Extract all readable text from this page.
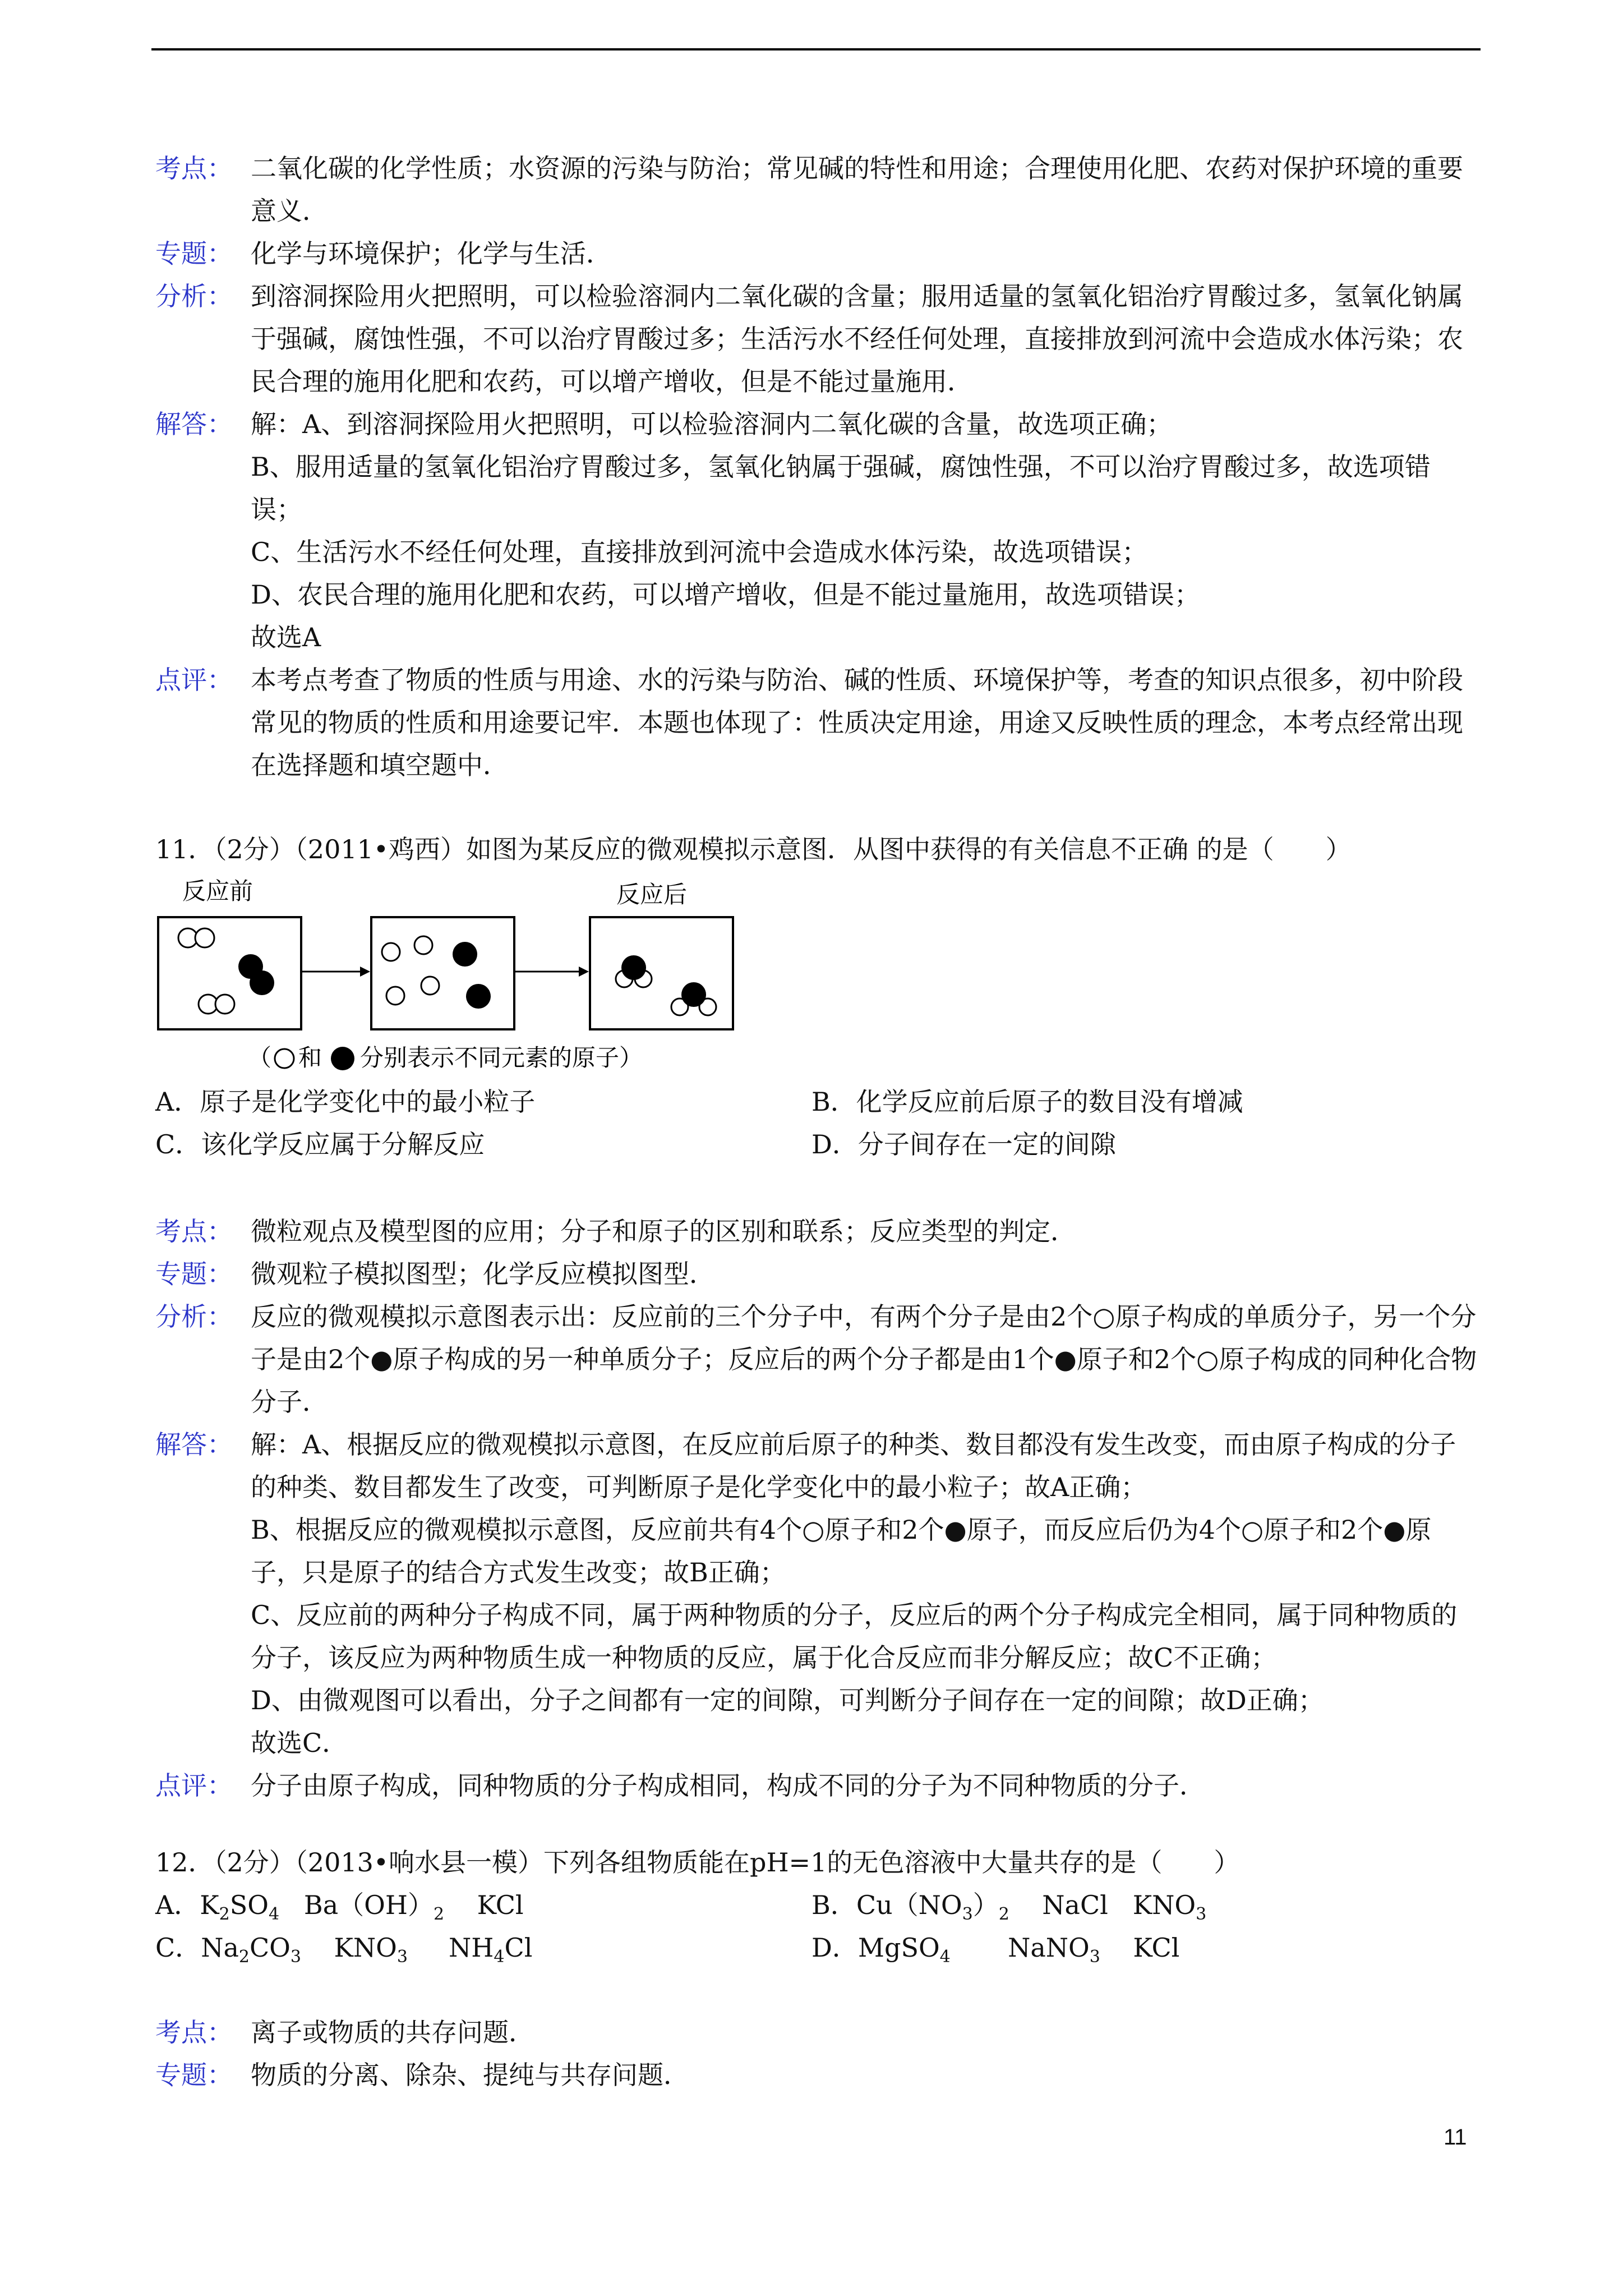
考点： 二氧化碳的化学性质；水资源的污染与防治；常见碱的特性和用途；合理使用化肥、农药对保护环境的重要意义．

专题： 化学与环境保护；化学与生活．

分析： 到溶洞探险用火把照明，可以检验溶洞内二氧化碳的含量；服用适量的氢氧化铝治疗胃酸过多，氢氧化钠属于强碱，腐蚀性强，不可以治疗胃酸过多；生活污水不经任何处理，直接排放到河流中会造成水体污染；农民合理的施用化肥和农药，可以增产增收，但是不能过量施用．

解答： 解：A、到溶洞探险用火把照明，可以检验溶洞内二氧化碳的含量，故选项正确；

B、服用适量的氢氧化铝治疗胃酸过多，氢氧化钠属于强碱，腐蚀性强，不可以治疗胃酸过多，故选项错误；

C、生活污水不经任何处理，直接排放到河流中会造成水体污染，故选项错误；

D、农民合理的施用化肥和农药，可以增产增收，但是不能过量施用，故选项错误；

故选A

点评： 本考点考查了物质的性质与用途、水的污染与防治、碱的性质、环境保护等，考查的知识点很多，初中阶段常见的物质的性质和用途要记牢．本题也体现了：性质决定用途，用途又反映性质的理念，本考点经常出现在选择题和填空题中．

11．（2分）（2011•鸡西）如图为某反应的微观模拟示意图．从图中获得的有关信息不正确 的是（　　）
反应前	反应后
（ 和 分别表示不同元素的原子）
A．原子是化学变化中的最小粒子	B．化学反应前后原子的数目没有增减
C．该化学反应属于分解反应	D．分子间存在一定的间隙
考点： 微粒观点及模型图的应用；分子和原子的区别和联系；反应类型的判定．

专题： 微观粒子模拟图型；化学反应模拟图型．

分析： 反应的微观模拟示意图表示出：反应前的三个分子中，有两个分子是由2个○原子构成的单质分子，另一个分子是由2个●原子构成的另一种单质分子；反应后的两个分子都是由1个●原子和2个○原子构成的同种化合物分子．

解答： 解：A、根据反应的微观模拟示意图，在反应前后原子的种类、数目都没有发生改变，而由原子构成的分子的种类、数目都发生了改变，可判断原子是化学变化中的最小粒子；故A正确；

B、根据反应的微观模拟示意图，反应前共有4个○原子和2个●原子，而反应后仍为4个○原子和2个●原子，只是原子的结合方式发生改变；故B正确；

C、反应前的两种分子构成不同，属于两种物质的分子，反应后的两个分子构成完全相同，属于同种物质的分子，该反应为两种物质生成一种物质的反应，属于化合反应而非分解反应；故C不正确；

D、由微观图可以看出，分子之间都有一定的间隙，可判断分子间存在一定的间隙；故D正确；

故选C．

点评： 分子由原子构成，同种物质的分子构成相同，构成不同的分子为不同种物质的分子．

12．（2分）（2013•响水县一模）下列各组物质能在pH=1的无色溶液中大量共存的是（　　）
A．$K_2SO_4$ $Ba(OH)_2$ KCl	B．$Cu(NO_3)_2$ NaCl $KNO_3$
C．$Na_2CO_3$ $KNO_3$ $NH_4Cl$	D．MgSO$_4$ NaNO$_3$ KCl
考点： 离子或物质的共存问题．

专题： 物质的分离、除杂、提纯与共存问题．

11
